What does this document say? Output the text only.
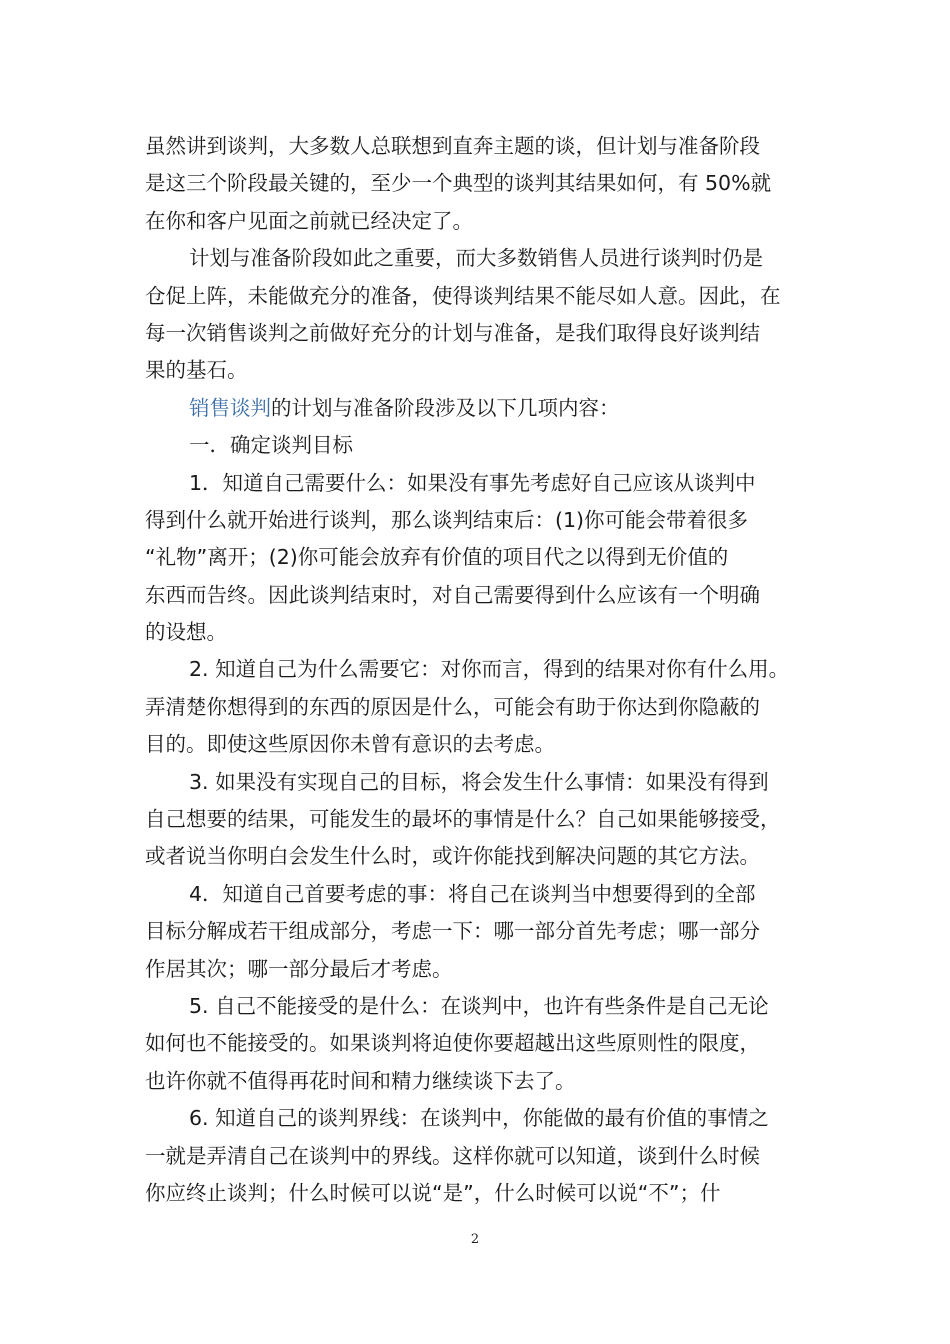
虽然讲到谈判，大多数人总联想到直奔主题的谈，但计划与准备阶段
是这三个阶段最关键的，至少一个典型的谈判其结果如何，有 50%就
在你和客户见面之前就已经决定了。
计划与准备阶段如此之重要，而大多数销售人员进行谈判时仍是
仓促上阵，未能做充分的准备，使得谈判结果不能尽如人意。因此，在
每一次销售谈判之前做好充分的计划与准备，是我们取得良好谈判结
果的基石。
销售谈判的计划与准备阶段涉及以下几项内容：
一．确定谈判目标
1．知道自己需要什么：如果没有事先考虑好自己应该从谈判中
得到什么就开始进行谈判，那么谈判结束后：(1)你可能会带着很多
“礼物”离开；(2)你可能会放弃有价值的项目代之以得到无价值的
东西而告终。因此谈判结束时，对自己需要得到什么应该有一个明确
的设想。
2. 知道自己为什么需要它：对你而言，得到的结果对你有什么用。
弄清楚你想得到的东西的原因是什么，可能会有助于你达到你隐蔽的
目的。即使这些原因你未曾有意识的去考虑。
3. 如果没有实现自己的目标，将会发生什么事情：如果没有得到
自己想要的结果，可能发生的最坏的事情是什么？自己如果能够接受，
或者说当你明白会发生什么时，或许你能找到解决问题的其它方法。
4．知道自己首要考虑的事：将自己在谈判当中想要得到的全部
目标分解成若干组成部分，考虑一下：哪一部分首先考虑；哪一部分
作居其次；哪一部分最后才考虑。
5. 自己不能接受的是什么：在谈判中，也许有些条件是自己无论
如何也不能接受的。如果谈判将迫使你要超越出这些原则性的限度，
也许你就不值得再花时间和精力继续谈下去了。
6. 知道自己的谈判界线：在谈判中，你能做的最有价值的事情之
一就是弄清自己在谈判中的界线。这样你就可以知道，谈到什么时候
你应终止谈判；什么时候可以说“是”，什么时候可以说“不”；什
2
